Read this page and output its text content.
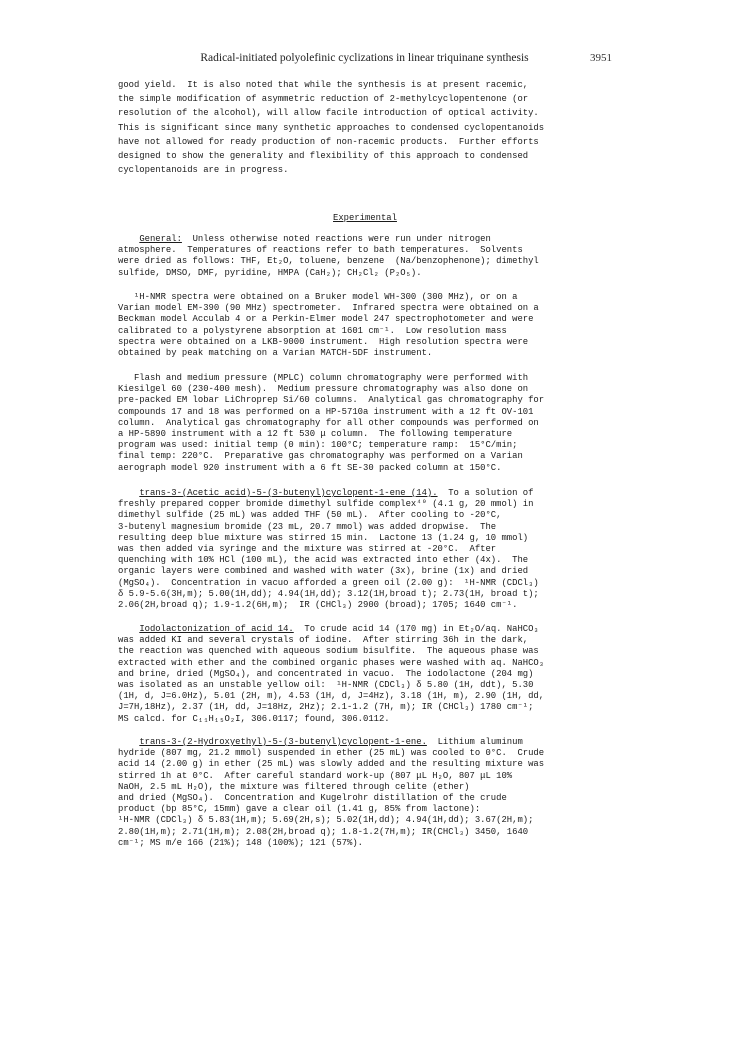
Radical-initiated polyolefinic cyclizations in linear triquinane synthesis	3951

good yield.  It is also noted that while the synthesis is at present racemic,

the simple modification of asymmetric reduction of 2-methylcyclopentenone (or

resolution of the alcohol), will allow facile introduction of optical activity.

This is significant since many synthetic approaches to condensed cyclopentanoids

have not allowed for ready production of non-racemic products.  Further efforts

designed to show the generality and flexibility of this approach to condensed

cyclopentanoids are in progress.

Experimental

General:  Unless otherwise noted reactions were run under nitrogen

atmosphere.  Temperatures of reactions refer to bath temperatures.  Solvents

were dried as follows: THF, Et₂O, toluene, benzene  (Na/benzophenone); dimethyl

sulfide, DMSO, DMF, pyridine, HMPA (CaH₂); CH₂Cl₂ (P₂O₅).

¹H-NMR spectra were obtained on a Bruker model WH-300 (300 MHz), or on a

Varian model EM-390 (90 MHz) spectrometer.  Infrared spectra were obtained on a

Beckman model Acculab 4 or a Perkin-Elmer model 247 spectrophotometer and were

calibrated to a polystyrene absorption at 1601 cm⁻¹.  Low resolution mass

spectra were obtained on a LKB-9000 instrument.  High resolution spectra were

obtained by peak matching on a Varian MATCH-5DF instrument.

Flash and medium pressure (MPLC) column chromatography were performed with

Kiesilgel 60 (230-400 mesh).  Medium pressure chromatography was also done on

pre-packed EM lobar LiChroprep Si/60 columns.  Analytical gas chromatography for

compounds 17 and 18 was performed on a HP-5710a instrument with a 12 ft OV-101

column.  Analytical gas chromatography for all other compounds was performed on

a HP-5890 instrument with a 12 ft 530 μ column.  The following temperature

program was used: initial temp (0 min): 100°C; temperature ramp:  15°C/min;

final temp: 220°C.  Preparative gas chromatography was performed on a Varian

aerograph model 920 instrument with a 6 ft SE-30 packed column at 150°C.

trans-3-(Acetic acid)-5-(3-butenyl)cyclopent-1-ene (14).  To a solution of

freshly prepared copper bromide dimethyl sulfide complex⁴⁰ (4.1 g, 20 mmol) in

dimethyl sulfide (25 mL) was added THF (50 mL).  After cooling to -20°C,

3-butenyl magnesium bromide (23 mL, 20.7 mmol) was added dropwise.  The

resulting deep blue mixture was stirred 15 min.  Lactone 13 (1.24 g, 10 mmol)

was then added via syringe and the mixture was stirred at -20°C.  After

quenching with 10% HCl (100 mL), the acid was extracted into ether (4x).  The

organic layers were combined and washed with water (3x), brine (1x) and dried

(MgSO₄).  Concentration in vacuo afforded a green oil (2.00 g):  ¹H-NMR (CDCl₃)

δ 5.9-5.6(3H,m); 5.00(1H,dd); 4.94(1H,dd); 3.12(1H,broad t); 2.73(1H, broad t);

2.06(2H,broad q); 1.9-1.2(6H,m);  IR (CHCl₃) 2900 (broad); 1705; 1640 cm⁻¹.

Iodolactonization of acid 14.  To crude acid 14 (170 mg) in Et₂O/aq. NaHCO₃

was added KI and several crystals of iodine.  After stirring 36h in the dark,

the reaction was quenched with aqueous sodium bisulfite.  The aqueous phase was

extracted with ether and the combined organic phases were washed with aq. NaHCO₃

and brine, dried (MgSO₄), and concentrated in vacuo.  The iodolactone (204 mg)

was isolated as an unstable yellow oil:  ¹H-NMR (CDCl₃) δ 5.80 (1H, ddt), 5.30

(1H, d, J=6.0Hz), 5.01 (2H, m), 4.53 (1H, d, J=4Hz), 3.18 (1H, m), 2.90 (1H, dd,

J=7H,18Hz), 2.37 (1H, dd, J=18Hz, 2Hz); 2.1-1.2 (7H, m); IR (CHCl₃) 1780 cm⁻¹;

MS calcd. for C₁₁H₁₅O₂I, 306.0117; found, 306.0112.

trans-3-(2-Hydroxyethyl)-5-(3-butenyl)cyclopent-1-ene.  Lithium aluminum

hydride (807 mg, 21.2 mmol) suspended in ether (25 mL) was cooled to 0°C.  Crude

acid 14 (2.00 g) in ether (25 mL) was slowly added and the resulting mixture was

stirred 1h at 0°C.  After careful standard work-up (807 μL H₂O, 807 μL 10%

NaOH, 2.5 mL H₂O), the mixture was filtered through celite (ether)

and dried (MgSO₄).  Concentration and Kugelrohr distillation of the crude

product (bp 85°C, 15mm) gave a clear oil (1.41 g, 85% from lactone):

¹H-NMR (CDCl₃) δ 5.83(1H,m); 5.69(2H,s); 5.02(1H,dd); 4.94(1H,dd); 3.67(2H,m);

2.80(1H,m); 2.71(1H,m); 2.08(2H,broad q); 1.8-1.2(7H,m); IR(CHCl₃) 3450, 1640

cm⁻¹; MS m/e 166 (21%); 148 (100%); 121 (57%).
